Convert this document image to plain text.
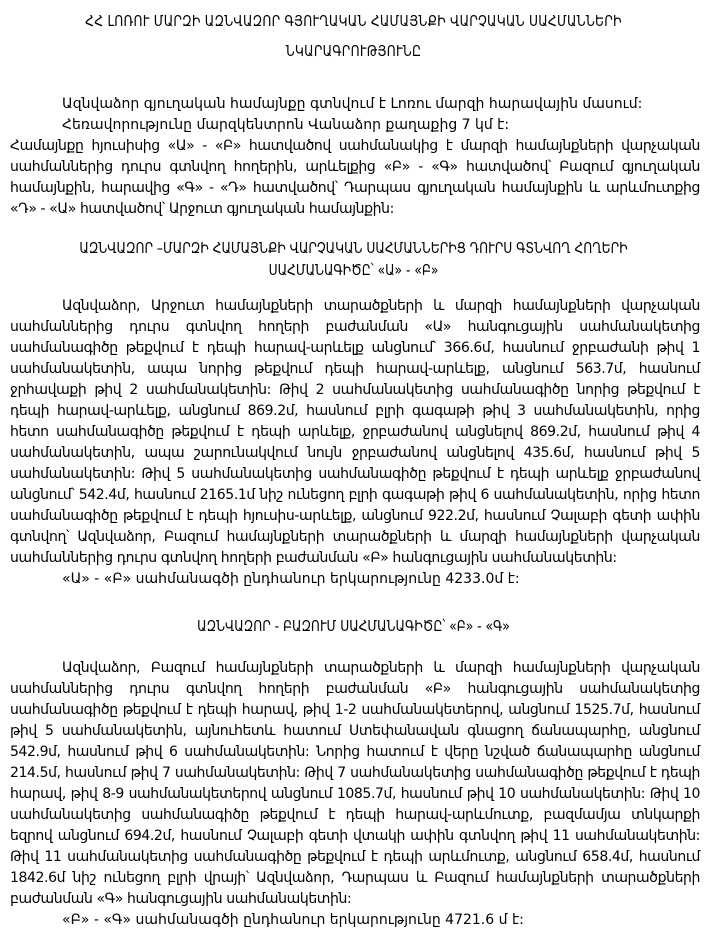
ՀՀ ԼՈՌՈՒ ՄԱՐԶԻ ԱԶՆՎԱԶՈՐ ԳՅՈՒՂԱԿԱՆ ՀԱՄԱՅՆՔԻ ՎԱՐՉԱԿԱՆ ՍԱՀՄԱՆՆԵՐԻ
ՆԿԱՐԱԳՐՈՒԹՅՈՒՆԸ

Ազնվաձոր գյուղական համայնքը գտնվում է Լոռու մարզի հարավային մասում:

Հեռավորությունը մարզկենտրոն Վանաձոր քաղաքից 7 կմ է:

Համայնքը հյուսիսից «Ա» - «Բ» հատվածով սահմանակից է մարզի համայնքների վարչական սահմաններից դուրս գտնվող հողերին, արևելքից «Բ» - «Գ» հատվածով՝ Բազում գյուղական համայնքին, հարավից «Գ» - «Դ» հատվածով՝ Դարպաս գյուղական համայնքին և արևմուտքից «Դ» - «Ա» հատվածով՝ Արջուտ գյուղական համայնքին:

ԱԶՆՎԱԶՈՐ –ՄԱՐԶԻ ՀԱՄԱՅՆՔԻ ՎԱՐՉԱԿԱՆ ՍԱՀՄԱՆՆԵՐԻՑ ԴՈՒՐՍ ԳՏՆՎՈՂ ՀՈՂԵՐԻ
ՍԱՀՄԱՆԱԳԻԾԸ՝ «Ա» - «Բ»

Ազնվաձոր, Արջուտ համայնքների տարածքների և մարզի համայնքների վարչական սահմաններից դուրս գտնվող հողերի բաժանման «Ա» հանգուցային սահմանակետից սահմանագիծը թեքվում է դեպի հարավ-արևելք անցնում՝ 366.6մ, հասնում ջրբաժանի թիվ 1 սահմանակետին, ապա նորից թեքվում դեպի հարավ-արևելք, անցնում 563.7մ, հասնում ջրհավաքի թիվ 2 սահմանակետին: Թիվ 2 սահմանակետից սահմանագիծը նորից թեքվում է դեպի հարավ-արևելք, անցնում 869.2մ, հասնում բլրի գագաթի թիվ 3 սահմանակետին, որից հետո սահմանագիծը թեքվում է դեպի արևելք, ջրբաժանով անցնելով 869.2մ, հասնում թիվ 4 սահմանակետին, ապա շարունակվում նույն ջրբաժանով անցնելով 435.6մ, հասնում թիվ 5 սահմանակետին: Թիվ 5 սահմանակետից սահմանագիծը թեքվում է դեպի արևելք ջրբաժանով անցնում՝ 542.4մ, հասնում 2165.1մ նիշ ունեցող բլրի գագաթի թիվ 6 սահմանակետին, որից հետո սահմանագիծը թեքվում է դեպի հյուսիս-արևելք, անցնում 922.2մ, հասնում Չալաբի գետի ափին գտնվող՝ Ազնվաձոր, Բազում համայնքների տարածքների և մարզի համայնքների վարչական սահմաններից դուրս գտնվող հողերի բաժանման «Բ» հանգուցային սահմանակետին:

«Ա» - «Բ» սահմանագծի ընդհանուր երկարությունը 4233.0մ է:

ԱԶՆՎԱԶՈՐ - ԲԱԶՈՒՄ ՍԱՀՄԱՆԱԳԻԾԸ՝ «Բ» - «Գ»

Ազնվաձոր, Բազում համայնքների տարածքների և մարզի համայնքների վարչական սահմաններից դուրս գտնվող հողերի բաժանման «Բ» հանգուցային սահմանակետից սահմանագիծը թեքվում է դեպի հարավ, թիվ 1-2 սահմանակետերով, անցնում 1525.7մ, հասնում թիվ 5 սահմանակետին, այնուհետև հատում Ստեփանավան գնացող ճանապարհը, անցնում 542.9մ, հասնում թիվ 6 սահմանակետին: Նորից հատում է վերը նշված ճանապարհը անցնում 214.5մ, հասնում թիվ 7 սահմանակետին: Թիվ 7 սահմանակետից սահմանագիծը թեքվում է դեպի հարավ, թիվ 8-9 սահմանակետերով անցնում 1085.7մ, հասնում թիվ 10 սահմանակետին: Թիվ 10 սահմանակետից սահմանագիծը թեքվում է դեպի հարավ-արևմուտք, բազմամյա տնկարքի եզրով անցնում 694.2մ, հասնում Չալաբի գետի վտակի ափին գտնվող թիվ 11 սահմանակետին: Թիվ 11 սահմանակետից սահմանագիծը թեքվում է դեպի արևմուտք, անցնում 658.4մ, հասնում 1842.6մ նիշ ունեցող բլրի վրայի՝ Ազնվաձոր, Դարպաս և Բազում համայնքների տարածքների բաժանման «Գ» հանգուցային սահմանակետին:

«Բ» - «Գ» սահմանագծի ընդհանուր երկարությունը 4721.6 մ է:
